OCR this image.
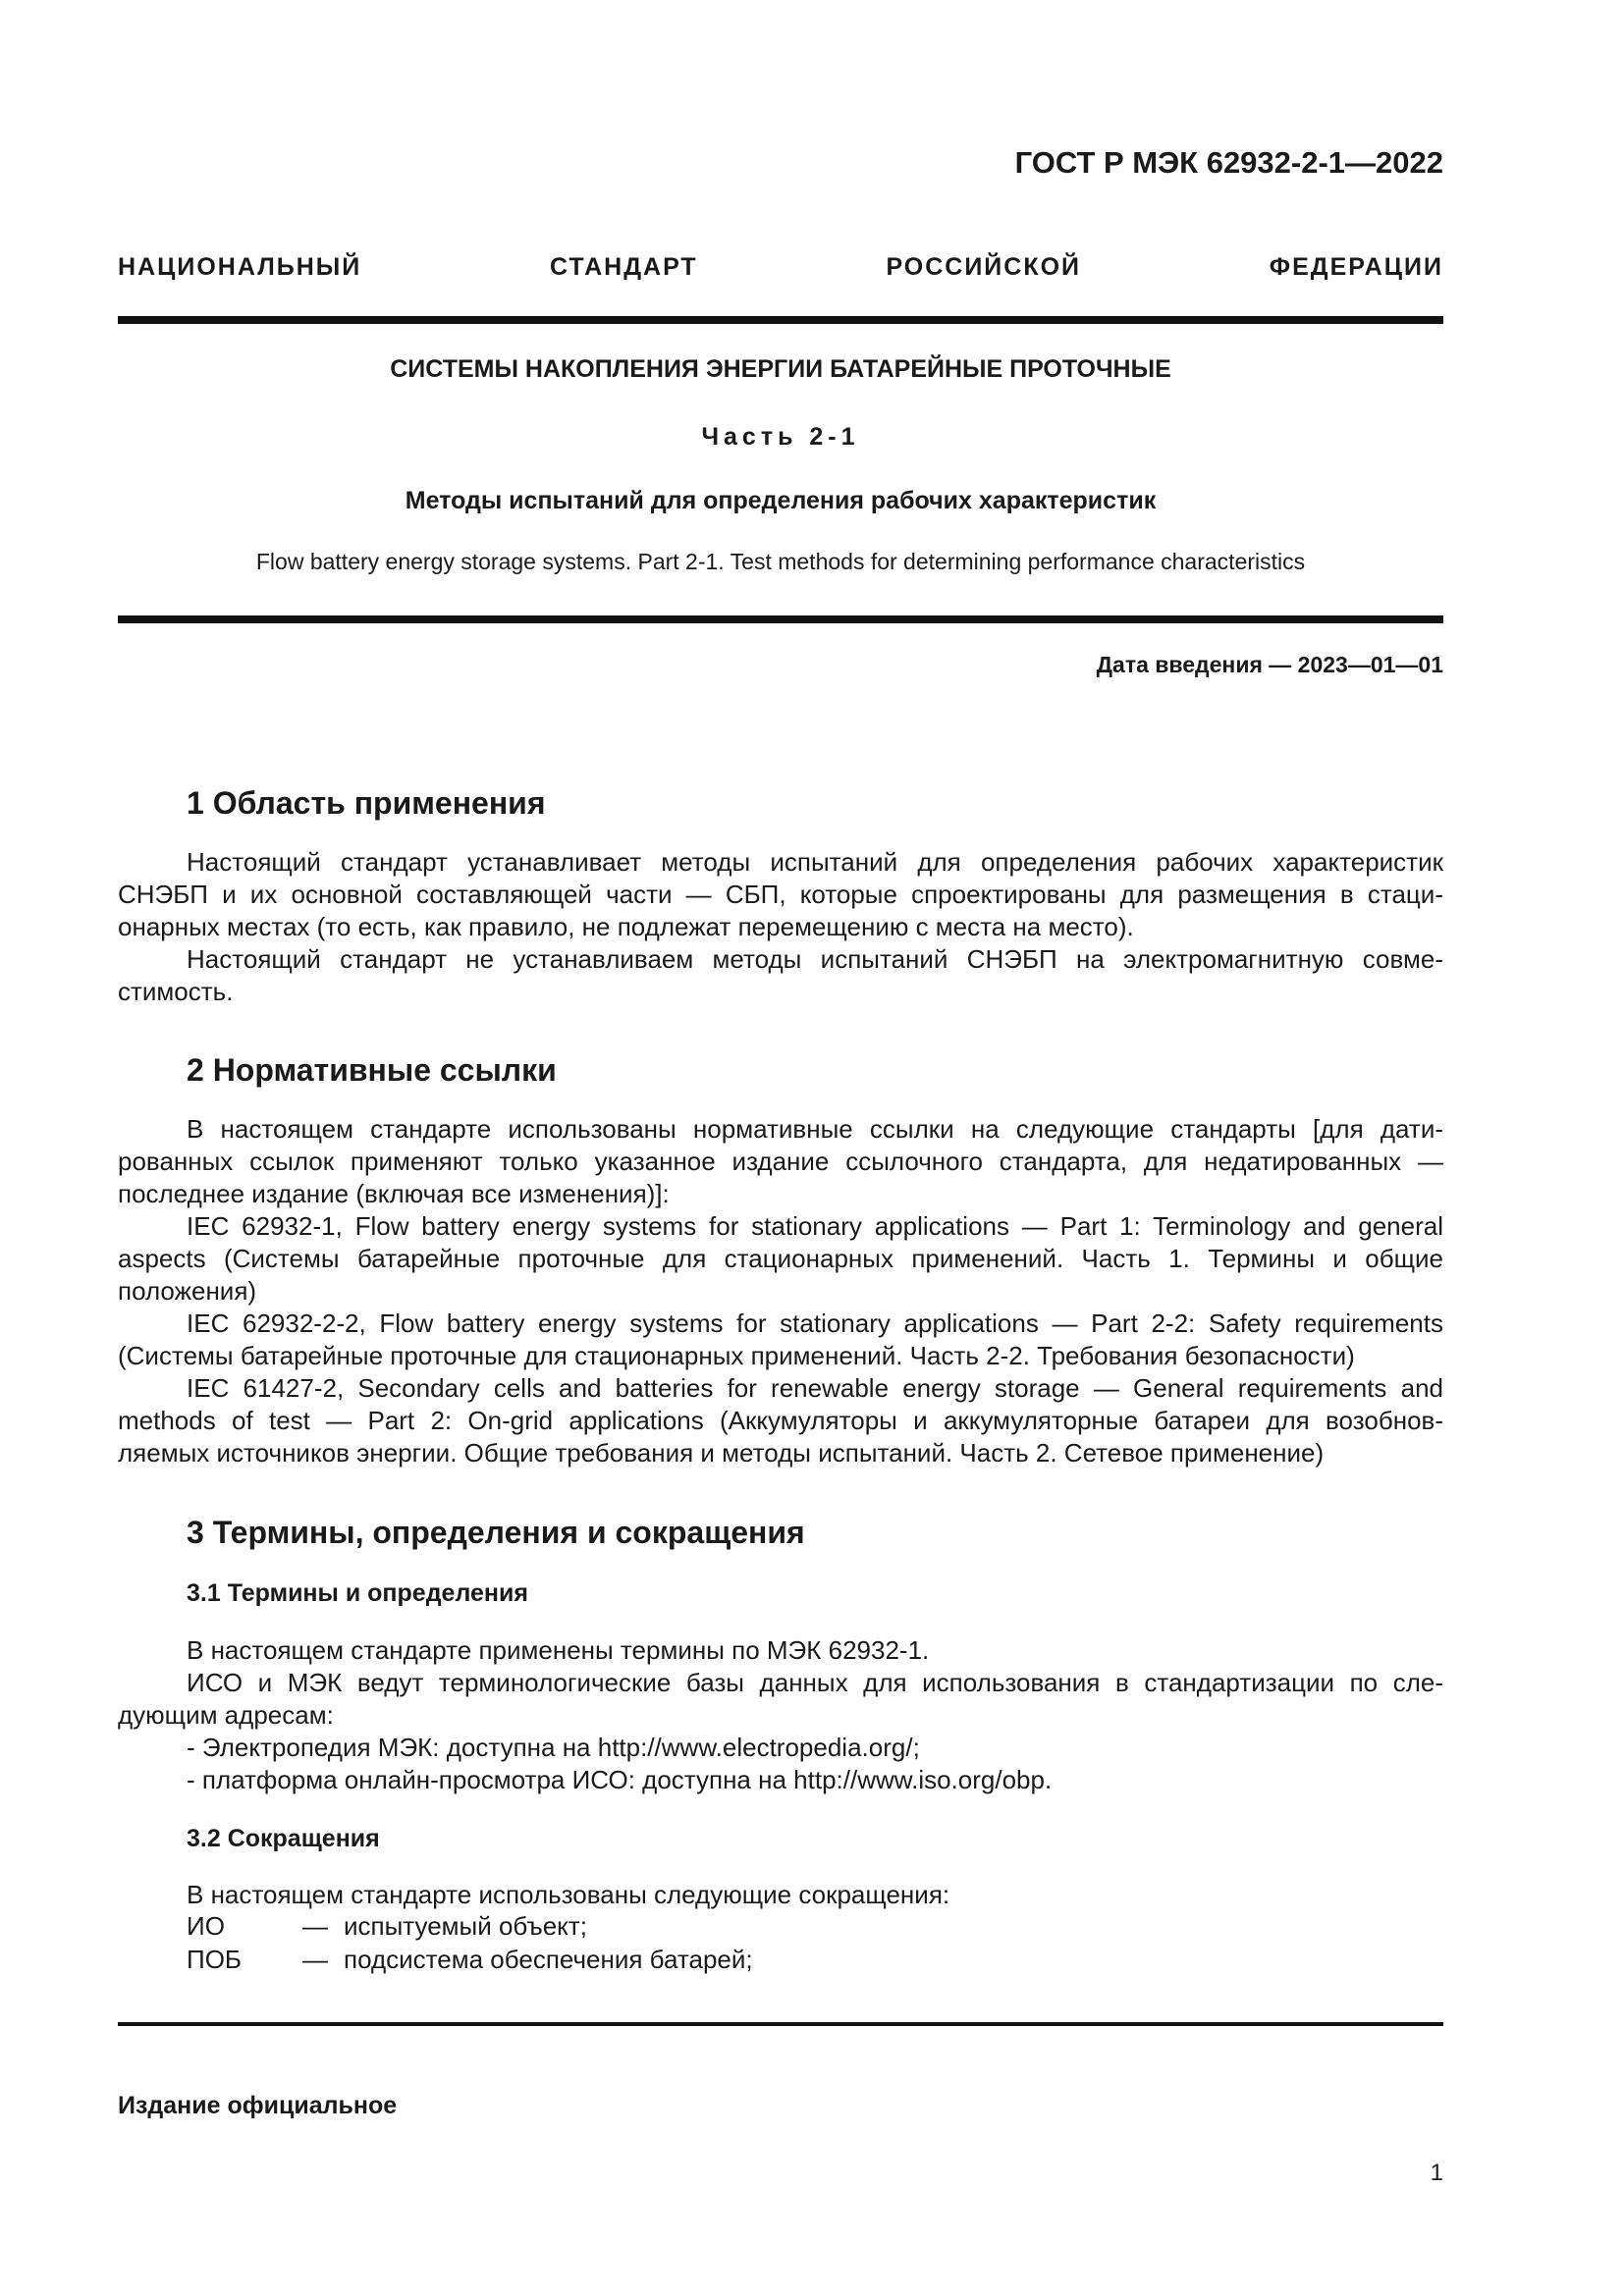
ГОСТ Р МЭК 62932-2-1—2022
НАЦИОНАЛЬНЫЙ СТАНДАРТ РОССИЙСКОЙ ФЕДЕРАЦИИ
СИСТЕМЫ НАКОПЛЕНИЯ ЭНЕРГИИ БАТАРЕЙНЫЕ ПРОТОЧНЫЕ
Часть 2-1
Методы испытаний для определения рабочих характеристик
Flow battery energy storage systems. Part 2-1. Test methods for determining performance characteristics
Дата введения — 2023—01—01
1 Область применения
Настоящий стандарт устанавливает методы испытаний для определения рабочих характеристик
СНЭБП и их основной составляющей части — СБП, которые спроектированы для размещения в стаци-
онарных местах (то есть, как правило, не подлежат перемещению с места на место).
Настоящий стандарт не устанавливаем методы испытаний СНЭБП на электромагнитную совме-
стимость.
2 Нормативные ссылки
В настоящем стандарте использованы нормативные ссылки на следующие стандарты [для дати-
рованных ссылок применяют только указанное издание ссылочного стандарта, для недатированных —
последнее издание (включая все изменения)]:
IEC 62932-1, Flow battery energy systems for stationary applications — Part 1: Terminology and general
aspects (Системы батарейные проточные для стационарных применений. Часть 1. Термины и общие
положения)
IEC 62932-2-2, Flow battery energy systems for stationary applications — Part 2-2: Safety requirements
(Системы батарейные проточные для стационарных применений. Часть 2-2. Требования безопасности)
IEC 61427-2, Secondary cells and batteries for renewable energy storage — General requirements and
methods of test — Part 2: On-grid applications (Аккумуляторы и аккумуляторные батареи для возобнов-
ляемых источников энергии. Общие требования и методы испытаний. Часть 2. Сетевое применение)
3 Термины, определения и сокращения
3.1 Термины и определения
В настоящем стандарте применены термины по МЭК 62932-1.
ИСО и МЭК ведут терминологические базы данных для использования в стандартизации по сле-
дующим адресам:
- Электропедия МЭК: доступна на http://www.electropedia.org/;
- платформа онлайн-просмотра ИСО: доступна на http://www.iso.org/obp.
3.2 Сокращения
В настоящем стандарте использованы следующие сокращения:
ИО	— испытуемый объект;
ПОБ — подсистема обеспечения батарей;
Издание официальное
1
